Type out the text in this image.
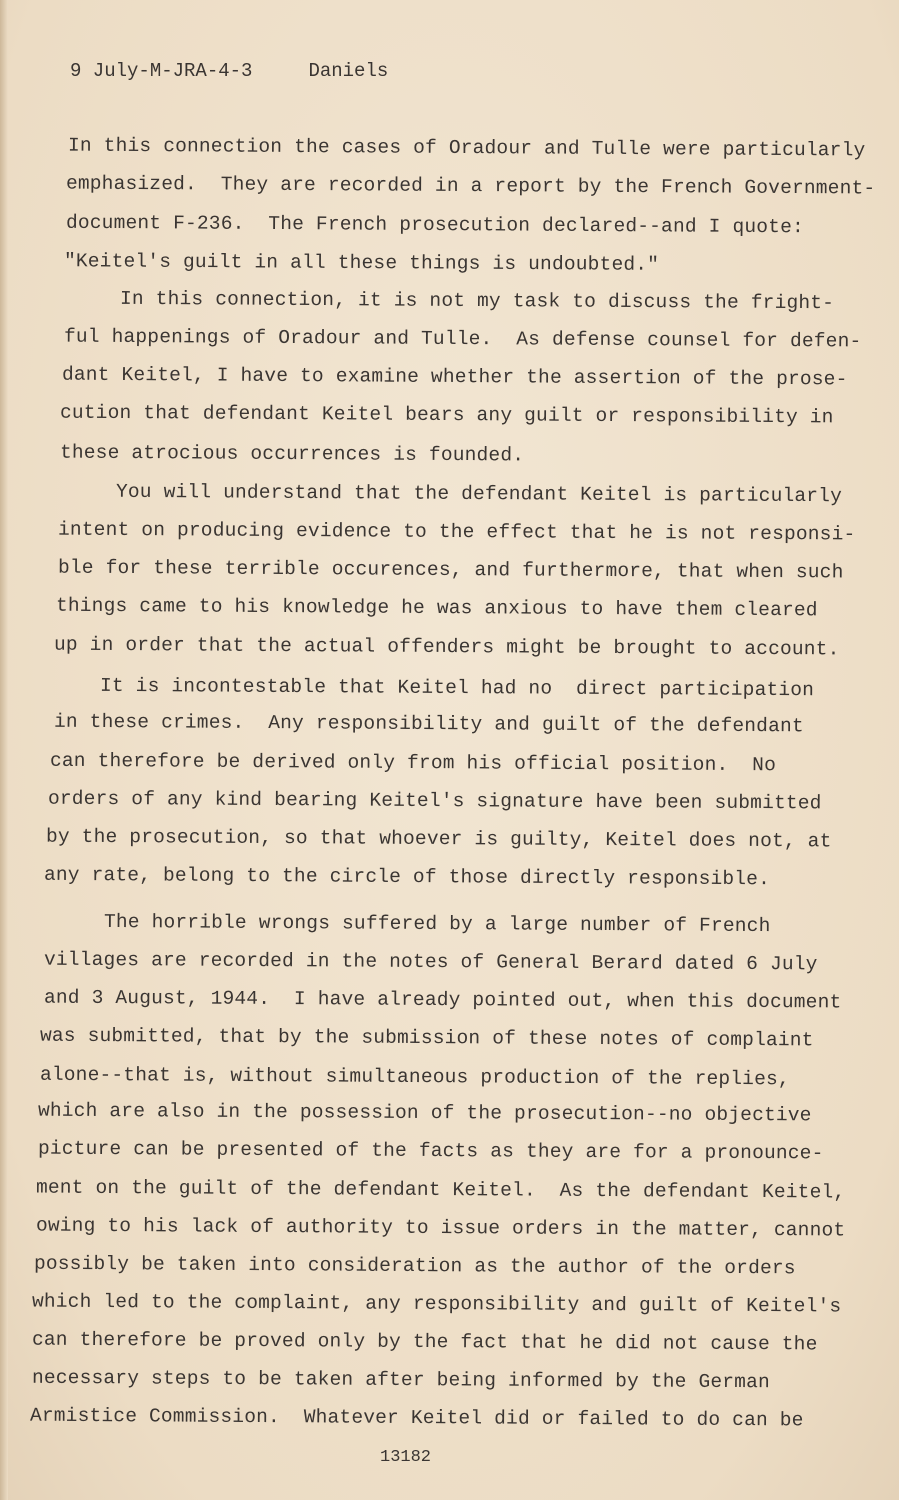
9 July-M-JRA-4-3	Daniels
In this connection the cases of Oradour and Tulle were particularly
emphasized.  They are recorded in a report by the French Government-
document F-236.  The French prosecution declared--and I quote:
"Keitel's guilt in all these things is undoubted."
In this connection, it is not my task to discuss the fright-
ful happenings of Oradour and Tulle.  As defense counsel for defen-
dant Keitel, I have to examine whether the assertion of the prose-
cution that defendant Keitel bears any guilt or responsibility in
these atrocious occurrences is founded.
You will understand that the defendant Keitel is particularly
intent on producing evidence to the effect that he is not responsi-
ble for these terrible occurences, and furthermore, that when such
things came to his knowledge he was anxious to have them cleared
up in order that the actual offenders might be brought to account.
It is incontestable that Keitel had no  direct participation
in these crimes.  Any responsibility and guilt of the defendant
can therefore be derived only from his official position.  No
orders of any kind bearing Keitel's signature have been submitted
by the prosecution, so that whoever is guilty, Keitel does not, at
any rate, belong to the circle of those directly responsible.
The horrible wrongs suffered by a large number of French
villages are recorded in the notes of General Berard dated 6 July
and 3 August, 1944.  I have already pointed out, when this document
was submitted, that by the submission of these notes of complaint
alone--that is, without simultaneous production of the replies,
which are also in the possession of the prosecution--no objective
picture can be presented of the facts as they are for a pronounce-
ment on the guilt of the defendant Keitel.  As the defendant Keitel,
owing to his lack of authority to issue orders in the matter, cannot
possibly be taken into consideration as the author of the orders
which led to the complaint, any responsibility and guilt of Keitel's
can therefore be proved only by the fact that he did not cause the
necessary steps to be taken after being informed by the German
Armistice Commission.  Whatever Keitel did or failed to do can be
13182
